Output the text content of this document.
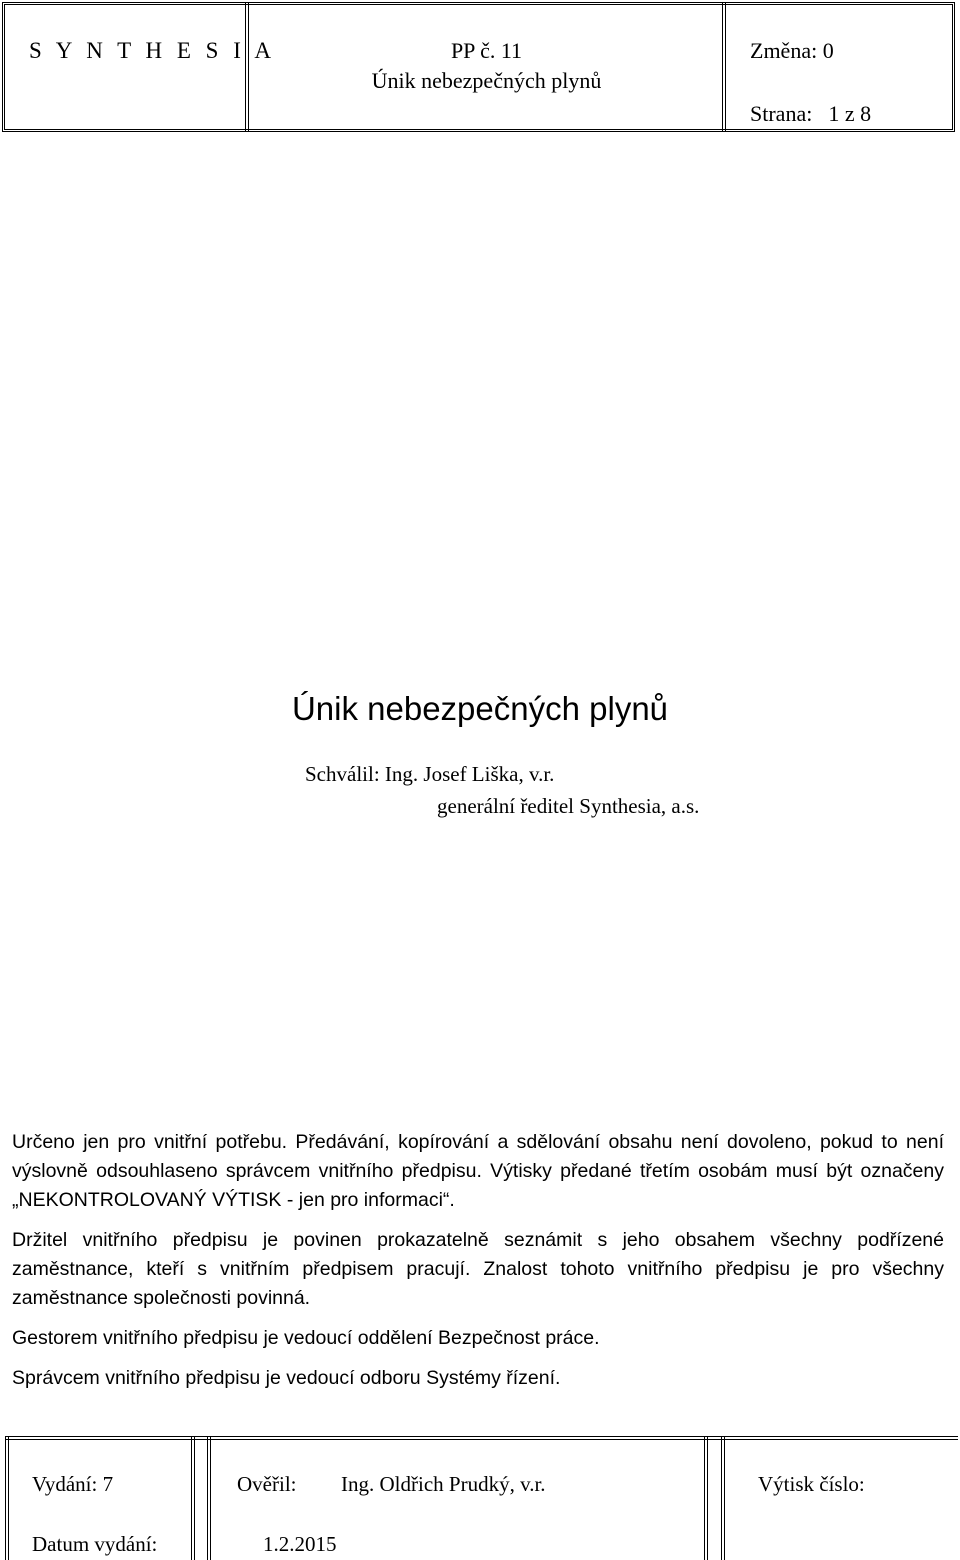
S Y N T H E S I A	PP č. 11
Únik nebezpečných plynů
Změna: 0
Strana: 1 z 8
Únik nebezpečných plynů
Schválil: Ing. Josef Liška, v.r.
generální ředitel Synthesia, a.s.
Určeno jen pro vnitřní potřebu. Předávání, kopírování a sdělování obsahu není dovoleno, pokud to není výslovně odsouhlaseno správcem vnitřního předpisu. Výtisky předané třetím osobám musí být označeny „NEKONTROLOVANÝ VÝTISK - jen pro informaci“.
Držitel vnitřního předpisu je povinen prokazatelně seznámit s jeho obsahem všechny podřízené zaměstnance, kteří s vnitřním předpisem pracují. Znalost tohoto vnitřního předpisu je pro všechny zaměstnance společnosti povinná.
Gestorem vnitřního předpisu je vedoucí oddělení Bezpečnost práce.
Správcem vnitřního předpisu je vedoucí odboru Systémy řízení.
Vydání: 7	Ověřil: Ing. Oldřich Prudký, v.r.	Výtisk číslo:
Datum vydání:	1.2.2015
